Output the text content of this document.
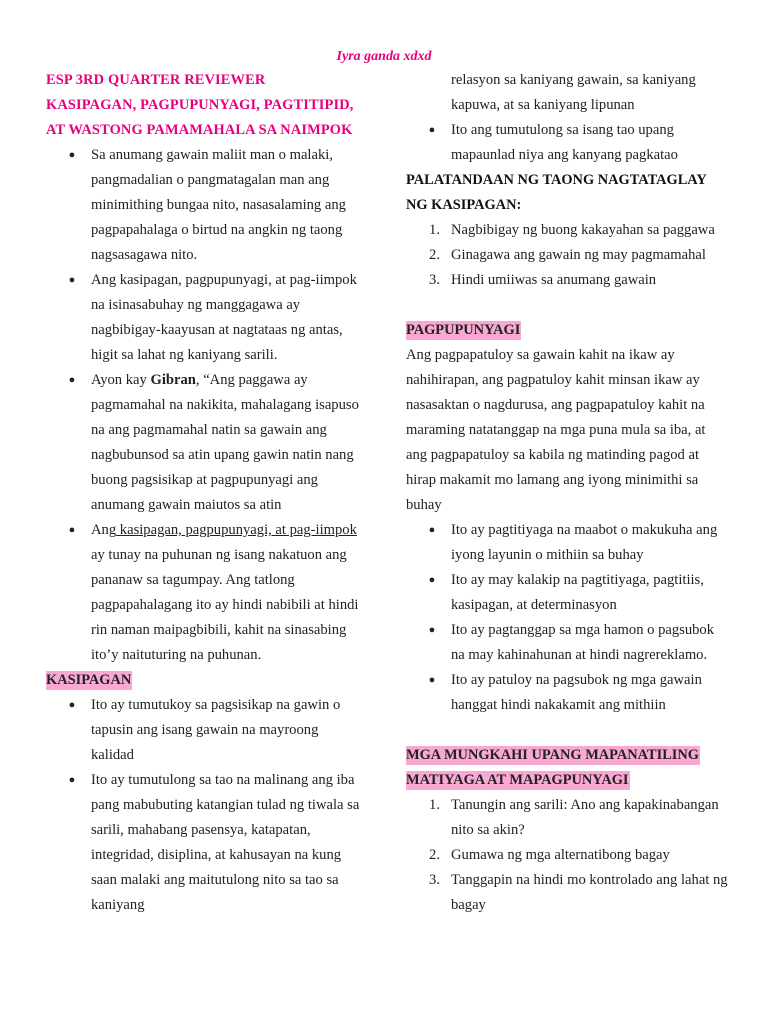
Iyra ganda xdxd
ESP 3RD QUARTER REVIEWER
KASIPAGAN, PAGPUPUNYAGI, PAGTITIPID,
AT WASTONG PAMAMAHALA SA NAIMPOK
● Sa anumang gawain maliit man o malaki, pangmadalian o pangmatagalan man ang minimithing bungaa nito, nasasalaming ang pagpapahalaga o birtud na angkin ng taong nagsasagawa nito.
● Ang kasipagan, pagpupunyagi, at pag-iimpok na isinasabuhay ng manggagawa ay nagbibigay-kaayusan at nagtataas ng antas, higit sa lahat ng kaniyang sarili.
● Ayon kay Gibran, “Ang paggawa ay pagmamahal na nakikita, mahalagang isapuso na ang pagmamahal natin sa gawain ang nagbubunsod sa atin upang gawin natin nang buong pagsisikap at pagpupunyagi ang anumang gawain maiutos sa atin
● Ang kasipagan, pagpupunyagi, at pag-iimpok ay tunay na puhunan ng isang nakatuon ang pananaw sa tagumpay. Ang tatlong pagpapahalagang ito ay hindi nabibili at hindi rin naman maipagbibili, kahit na sinasabing ito’y naituturing na puhunan.
KASIPAGAN
● Ito ay tumutukoy sa pagsisikap na gawin o tapusin ang isang gawain na mayroong kalidad
● Ito ay tumutulong sa tao na malinang ang iba pang mabubuting katangian tulad ng tiwala sa sarili, mahabang pasensya, katapatan, integridad, disiplina, at kahusayan na kung saan malaki ang maitutulong nito sa tao sa kaniyang
relasyon sa kaniyang gawain, sa kaniyang kapuwa, at sa kaniyang lipunan
● Ito ang tumutulong sa isang tao upang mapaunlad niya ang kanyang pagkatao
PALATANDAAN NG TAONG NAGTATAGLAY NG KASIPAGAN:
1. Nagbibigay ng buong kakayahan sa paggawa
2. Ginagawa ang gawain ng may pagmamahal
3. Hindi umiiwas sa anumang gawain
PAGPUPUNYAGI

Ang pagpapatuloy sa gawain kahit na ikaw ay nahihirapan, ang pagpatuloy kahit minsan ikaw ay nasasaktan o nagdurusa, ang pagpapatuloy kahit na maraming natatanggap na mga puna mula sa iba, at ang pagpapatuloy sa kabila ng matinding pagod at hirap makamit mo lamang ang iyong minimithi sa buhay

● Ito ay pagtitiyaga na maabot o makukuha ang iyong layunin o mithiin sa buhay
● Ito ay may kalakip na pagtitiyaga, pagtitiis, kasipagan, at determinasyon
● Ito ay pagtanggap sa mga hamon o pagsubok na may kahinahunan at hindi nagrereklamo.
● Ito ay patuloy na pagsubok ng mga gawain hanggat hindi nakakamit ang mithiin
MGA MUNGKAHI UPANG MAPANATILING
MATIYAGA AT MAPAGPUNYAGI
1. Tanungin ang sarili: Ano ang kapakinabangan nito sa akin?
2. Gumawa ng mga alternatibong bagay
3. Tanggapin na hindi mo kontrolado ang lahat ng bagay
